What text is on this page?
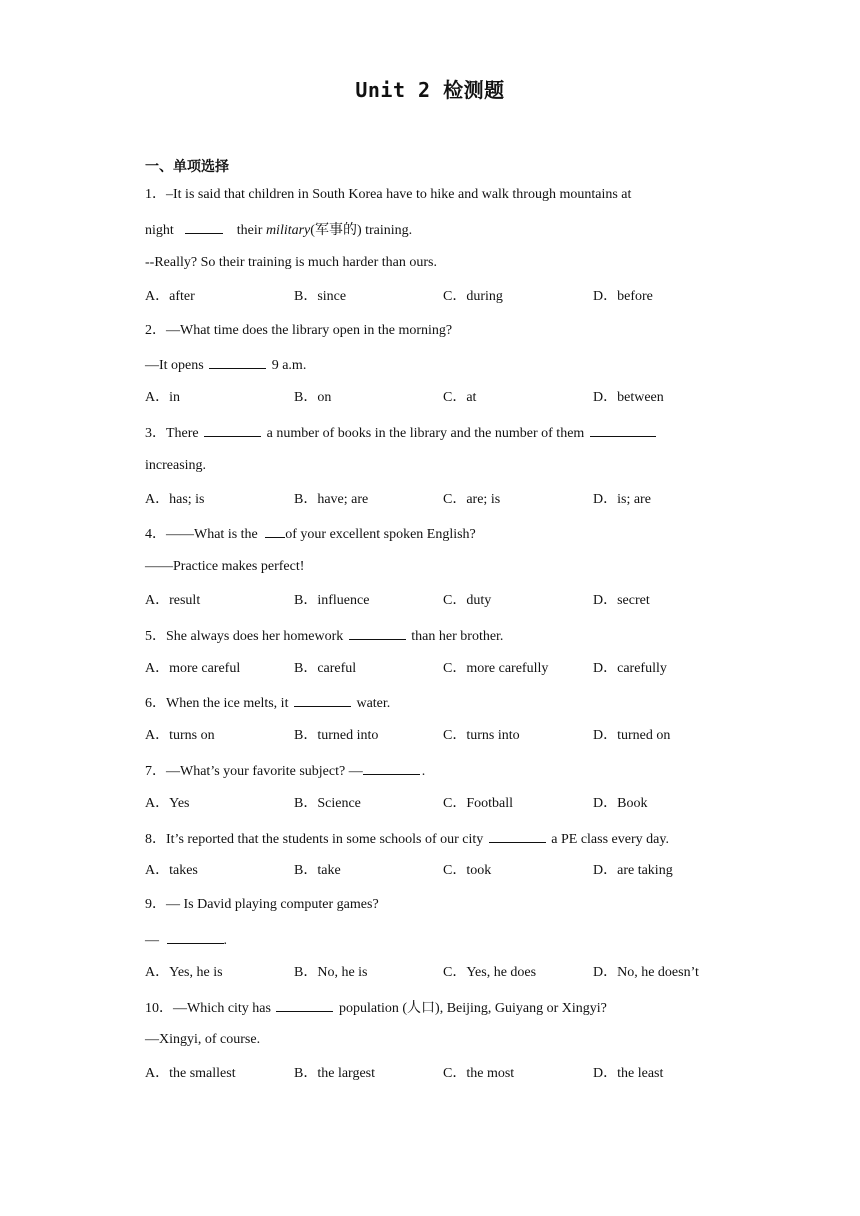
Unit 2 检测题
一、单项选择
1．–It is said that children in South Korea have to hike and walk through mountains at
night	their military(军事的) training.
--Really? So their training is much harder than ours.
A．after	B．since	C．during	D．before
2．—What time does the library open in the morning?
—It opens	9 a.m.
A．in	B．on	C．at	D．between
3．There	a number of books in the library and the number of them
increasing.
A．has; is	B．have; are	C．are; is	D．is; are
4．——What is the of your excellent spoken English?
——Practice makes perfect!
A．result	B．influence	C．duty	D．secret
5．She always does her homework	than her brother.
A．more careful	B．careful	C．more carefully	D．carefully
6．When the ice melts, it	water.
A．turns on	B．turned into	C．turns into	D．turned on
7．—What’s your favorite subject? —	.
A．Yes	B．Science	C．Football	D．Book
8．It’s reported that the students in some schools of our city	a PE class every day.
A．takes	B．take	C．took	D．are taking
9．— Is David playing computer games?
—	.
A．Yes, he is	B．No, he is	C．Yes, he does	D．No, he doesn’t
10．—Which city has	population (人口), Beijing, Guiyang or Xingyi?
—Xingyi, of course.
A．the smallest	B．the largest	C．the most	D．the least
